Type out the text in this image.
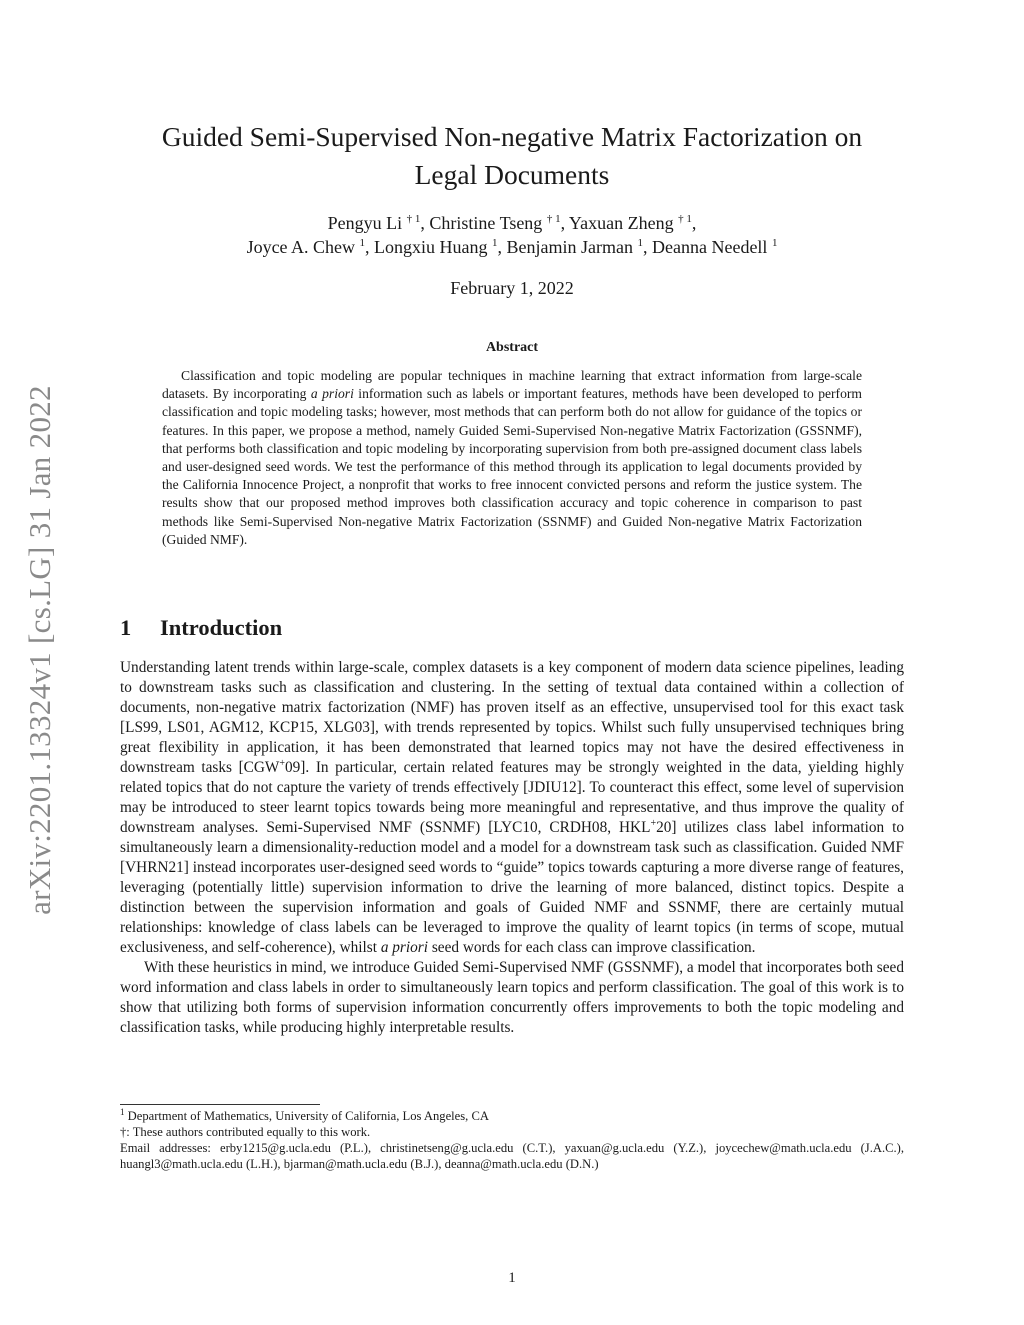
arXiv:2201.13324v1 [cs.LG] 31 Jan 2022
Guided Semi-Supervised Non-negative Matrix Factorization on
Legal Documents
Pengyu Li $^{\dagger 1}$, Christine Tseng $^{\dagger 1}$, Yaxuan Zheng $^{\dagger 1}$,
Joyce A. Chew $^1$, Longxiu Huang $^1$, Benjamin Jarman $^1$, Deanna Needell $^1$
February 1, 2022
Abstract

Classification and topic modeling are popular techniques in machine learning that extract information from large-scale datasets. By incorporating a priori information such as labels or important features, methods have been developed to perform classification and topic modeling tasks; however, most methods that can perform both do not allow for guidance of the topics or features. In this paper, we propose a method, namely Guided Semi-Supervised Non-negative Matrix Factorization (GSSNMF), that performs both classification and topic modeling by incorporating supervision from both pre-assigned document class labels and user-designed seed words. We test the performance of this method through its application to legal documents provided by the California Innocence Project, a nonprofit that works to free innocent convicted persons and reform the justice system. The results show that our proposed method improves both classification accuracy and topic coherence in comparison to past methods like Semi-Supervised Non-negative Matrix Factorization (SSNMF) and Guided Non-negative Matrix Factorization (Guided NMF).

1 Introduction

Understanding latent trends within large-scale, complex datasets is a key component of modern data science pipelines, leading to downstream tasks such as classification and clustering. In the setting of textual data contained within a collection of documents, non-negative matrix factorization (NMF) has proven itself as an effective, unsupervised tool for this exact task [LS99, LS01, AGM12, KCP15, XLG03], with trends represented by topics. Whilst such fully unsupervised techniques bring great flexibility in application, it has been demonstrated that learned topics may not have the desired effectiveness in downstream tasks [CGW+09]. In particular, certain related features may be strongly weighted in the data, yielding highly related topics that do not capture the variety of trends effectively [JDIU12]. To counteract this effect, some level of supervision may be introduced to steer learnt topics towards being more meaningful and representative, and thus improve the quality of downstream analyses. Semi-Supervised NMF (SSNMF) [LYC10, CRDH08, HKL+20] utilizes class label information to simultaneously learn a dimensionality-reduction model and a model for a downstream task such as classification. Guided NMF [VHRN21] instead incorporates user-designed seed words to “guide” topics towards capturing a more diverse range of features, leveraging (potentially little) supervision information to drive the learning of more balanced, distinct topics. Despite a distinction between the supervision information and goals of Guided NMF and SSNMF, there are certainly mutual relationships: knowledge of class labels can be leveraged to improve the quality of learnt topics (in terms of scope, mutual exclusiveness, and self-coherence), whilst a priori seed words for each class can improve classification.

With these heuristics in mind, we introduce Guided Semi-Supervised NMF (GSSNMF), a model that incorporates both seed word information and class labels in order to simultaneously learn topics and perform classification. The goal of this work is to show that utilizing both forms of supervision information concurrently offers improvements to both the topic modeling and classification tasks, while producing highly interpretable results.

$^1$ Department of Mathematics, University of California, Los Angeles, CA
†: These authors contributed equally to this work.
Email addresses: erby1215@g.ucla.edu (P.L.), christinetseng@g.ucla.edu (C.T.), yaxuan@g.ucla.edu (Y.Z.), joycechew@math.ucla.edu (J.A.C.), huangl3@math.ucla.edu (L.H.), bjarman@math.ucla.edu (B.J.), deanna@math.ucla.edu (D.N.)
1
